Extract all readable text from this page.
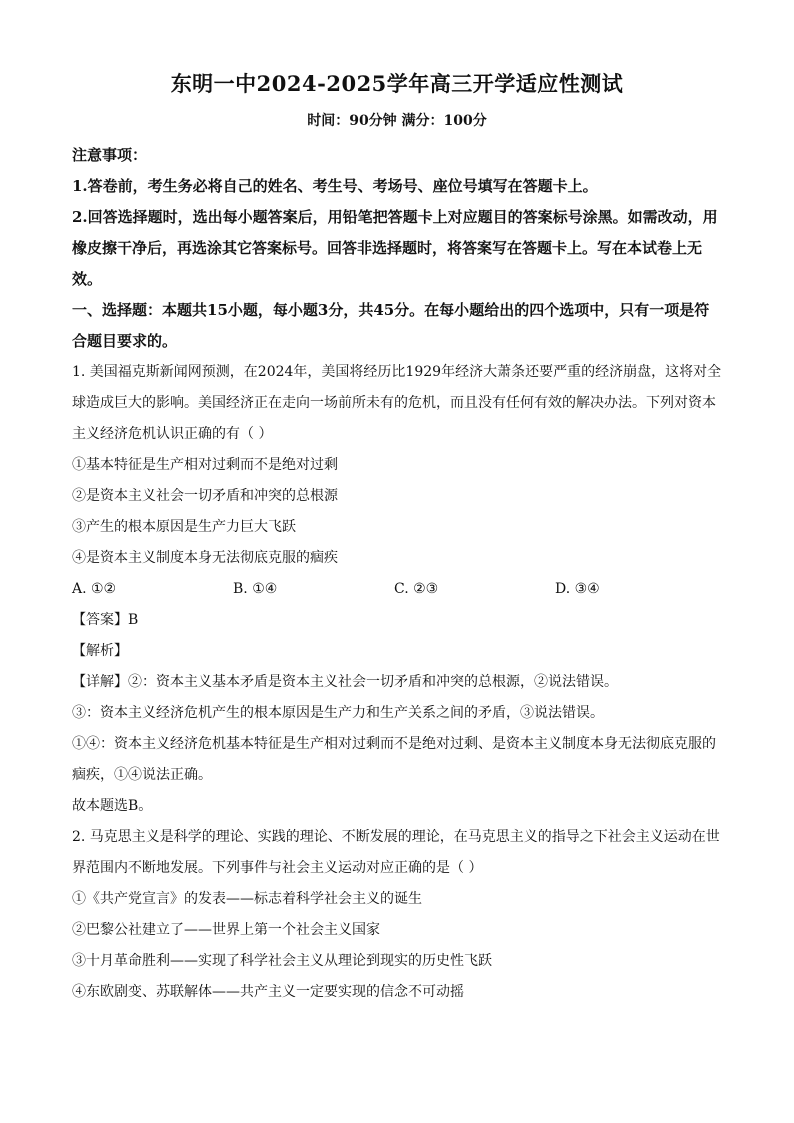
东明一中2024-2025学年高三开学适应性测试
时间：90分钟 满分：100分

注意事项：

1.答卷前，考生务必将自己的姓名、考生号、考场号、座位号填写在答题卡上。

2.回答选择题时，选出每小题答案后，用铅笔把答题卡上对应题目的答案标号涂黑。如需改动，用橡皮擦干净后，再选涂其它答案标号。回答非选择题时，将答案写在答题卡上。写在本试卷上无效。

一、选择题：本题共15小题，每小题3分，共45分。在每小题给出的四个选项中，只有一项是符合题目要求的。

1. 美国福克斯新闻网预测，在2024年，美国将经历比1929年经济大萧条还要严重的经济崩盘，这将对全球造成巨大的影响。美国经济正在走向一场前所未有的危机，而且没有任何有效的解决办法。下列对资本主义经济危机认识正确的有（ ）

①基本特征是生产相对过剩而不是绝对过剩

②是资本主义社会一切矛盾和冲突的总根源

③产生的根本原因是生产力巨大飞跃

④是资本主义制度本身无法彻底克服的痼疾

A. ①②	B. ①④	C. ②③	D. ③④

【答案】B

【解析】

【详解】②：资本主义基本矛盾是资本主义社会一切矛盾和冲突的总根源，②说法错误。

③：资本主义经济危机产生的根本原因是生产力和生产关系之间的矛盾，③说法错误。

①④：资本主义经济危机基本特征是生产相对过剩而不是绝对过剩、是资本主义制度本身无法彻底克服的痼疾，①④说法正确。

故本题选B。

2. 马克思主义是科学的理论、实践的理论、不断发展的理论，在马克思主义的指导之下社会主义运动在世界范围内不断地发展。下列事件与社会主义运动对应正确的是（ ）

①《共产党宣言》的发表——标志着科学社会主义的诞生

②巴黎公社建立了——世界上第一个社会主义国家

③十月革命胜利——实现了科学社会主义从理论到现实的历史性飞跃

④东欧剧变、苏联解体——共产主义一定要实现的信念不可动摇
